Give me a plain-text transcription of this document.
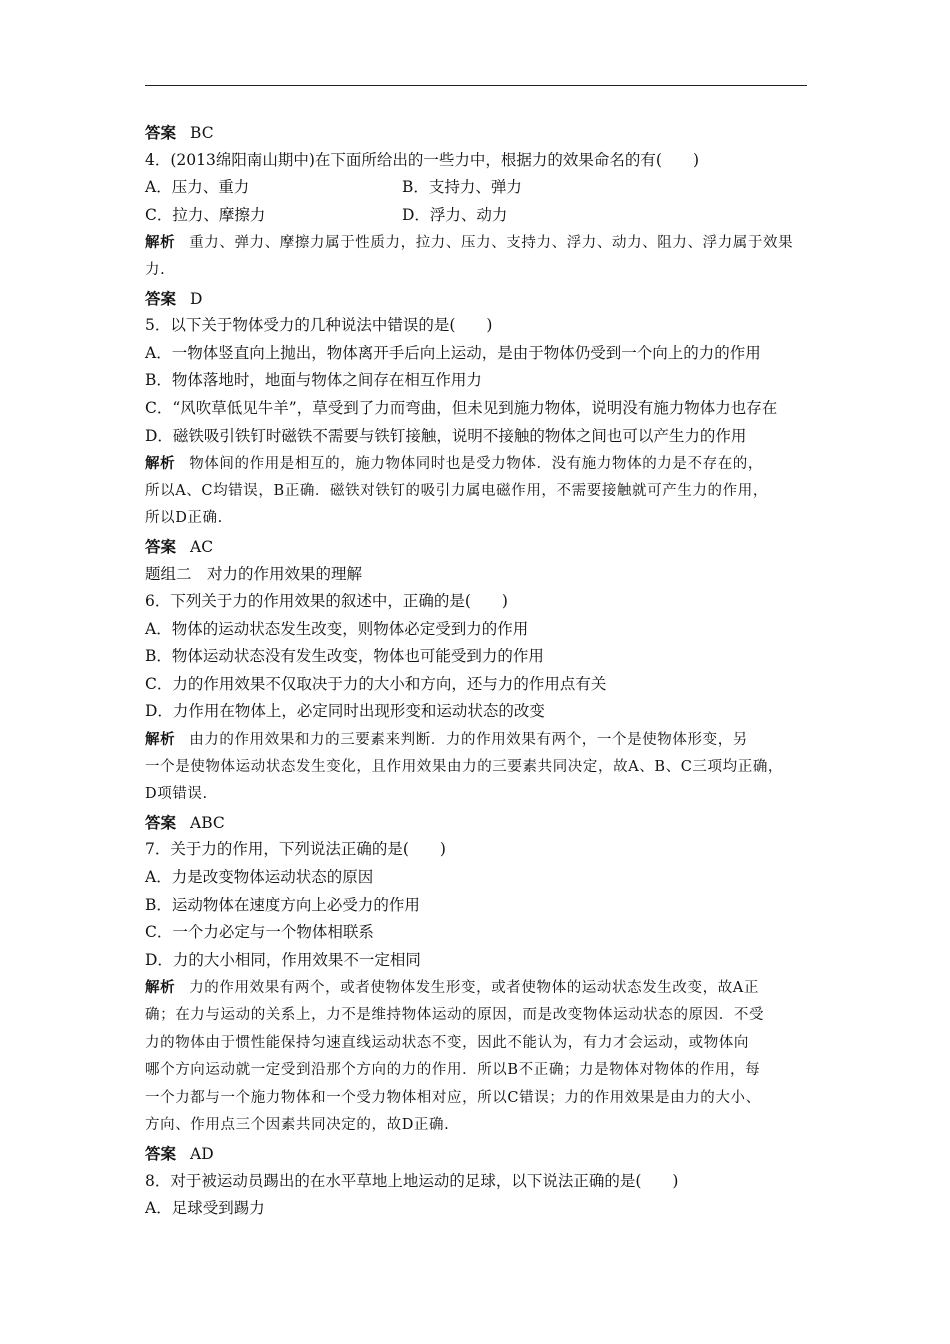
答案 BC
4．(2013绵阳南山期中)在下面所给出的一些力中，根据力的效果命名的有(　　)
A．压力、重力	B．支持力、弹力
C．拉力、摩擦力	D．浮力、动力
解析 重力、弹力、摩擦力属于性质力，拉力、压力、支持力、浮力、动力、阻力、浮力属于效果
力.
答案 D
5．以下关于物体受力的几种说法中错误的是(　　)
A．一物体竖直向上抛出，物体离开手后向上运动，是由于物体仍受到一个向上的力的作用
B．物体落地时，地面与物体之间存在相互作用力
C．“风吹草低见牛羊”，草受到了力而弯曲，但未见到施力物体，说明没有施力物体力也存在
D．磁铁吸引铁钉时磁铁不需要与铁钉接触，说明不接触的物体之间也可以产生力的作用
解析 物体间的作用是相互的，施力物体同时也是受力物体．没有施力物体的力是不存在的，
所以A、C均错误，B正确．磁铁对铁钉的吸引力属电磁作用，不需要接触就可产生力的作用，
所以D正确.
答案 AC
题组二　对力的作用效果的理解
6．下列关于力的作用效果的叙述中，正确的是(　　)
A．物体的运动状态发生改变，则物体必定受到力的作用
B．物体运动状态没有发生改变，物体也可能受到力的作用
C．力的作用效果不仅取决于力的大小和方向，还与力的作用点有关
D．力作用在物体上，必定同时出现形变和运动状态的改变
解析 由力的作用效果和力的三要素来判断．力的作用效果有两个，一个是使物体形变，另
一个是使物体运动状态发生变化，且作用效果由力的三要素共同决定，故A、B、C三项均正确，
D项错误.
答案 ABC
7．关于力的作用，下列说法正确的是(　　)
A．力是改变物体运动状态的原因
B．运动物体在速度方向上必受力的作用
C．一个力必定与一个物体相联系
D．力的大小相同，作用效果不一定相同
解析 力的作用效果有两个，或者使物体发生形变，或者使物体的运动状态发生改变，故A正
确；在力与运动的关系上，力不是维持物体运动的原因，而是改变物体运动状态的原因．不受
力的物体由于惯性能保持匀速直线运动状态不变，因此不能认为，有力才会运动，或物体向
哪个方向运动就一定受到沿那个方向的力的作用．所以B不正确；力是物体对物体的作用，每
一个力都与一个施力物体和一个受力物体相对应，所以C错误；力的作用效果是由力的大小、
方向、作用点三个因素共同决定的，故D正确.
答案 AD
8．对于被运动员踢出的在水平草地上地运动的足球，以下说法正确的是(　　)
A．足球受到踢力
